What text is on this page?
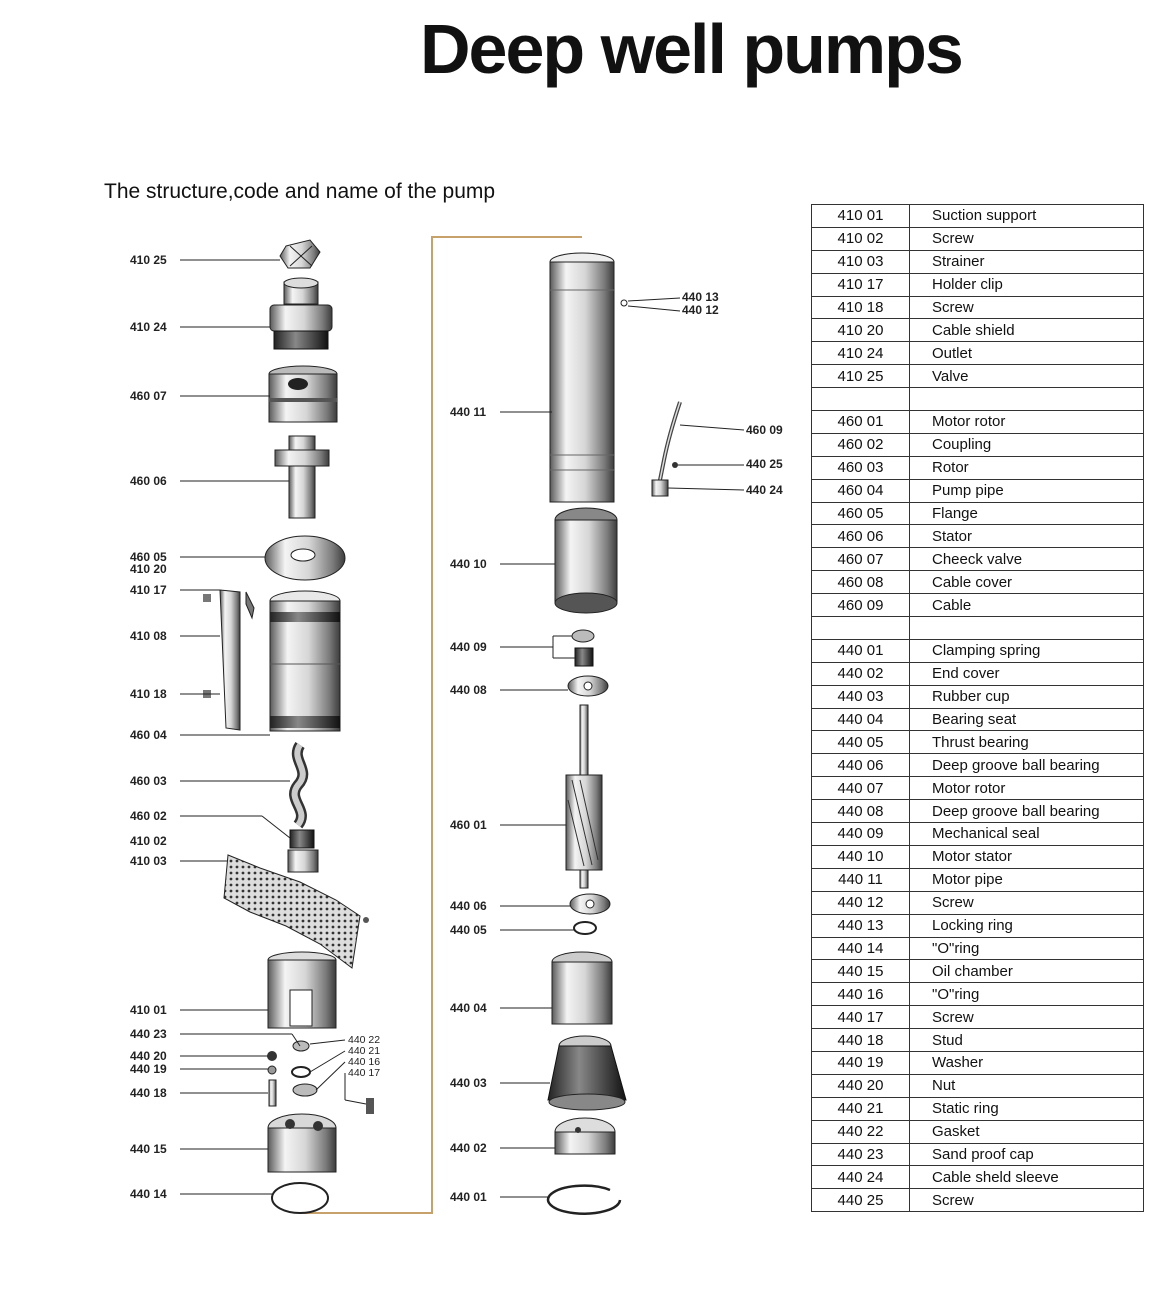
Deep well pumps
The structure,code and name of the pump
410 25
410 24
460 07
460 06
460 05
410 20
410 17
410 08
410 18
460 04
460 03
460 02
410 02
410 03
410 01
440 23
440 20
440 19
440 18
440 15
440 14
440 22
440 21
440 16
440 17
440 11
440 10
440 09
440 08
460 01
440 06
440 05
440 04
440 03
440 02
440 01
440 13
440 12
460 09
440 25
440 24
410 01	Suction support
410 02	Screw
410 03	Strainer
410 17	Holder clip
410 18	Screw
410 20	Cable shield
410 24	Outlet
410 25	Valve

460 01	Motor rotor
460 02	Coupling
460 03	Rotor
460 04	Pump pipe
460 05	Flange
460 06	Stator
460 07	Cheeck valve
460 08	Cable cover
460 09	Cable

440 01	Clamping spring
440 02	End cover
440 03	Rubber cup
440 04	Bearing seat
440 05	Thrust bearing
440 06	Deep groove ball bearing
440 07	Motor rotor
440 08	Deep groove ball bearing
440 09	Mechanical seal
440 10	Motor stator
440 11	Motor pipe
440 12	Screw
440 13	Locking ring
440 14	"O"ring
440 15	Oil chamber
440 16	"O"ring
440 17	Screw
440 18	Stud
440 19	Washer
440 20	Nut
440 21	Static ring
440 22	Gasket
440 23	Sand proof cap
440 24	Cable sheld sleeve
440 25	Screw
